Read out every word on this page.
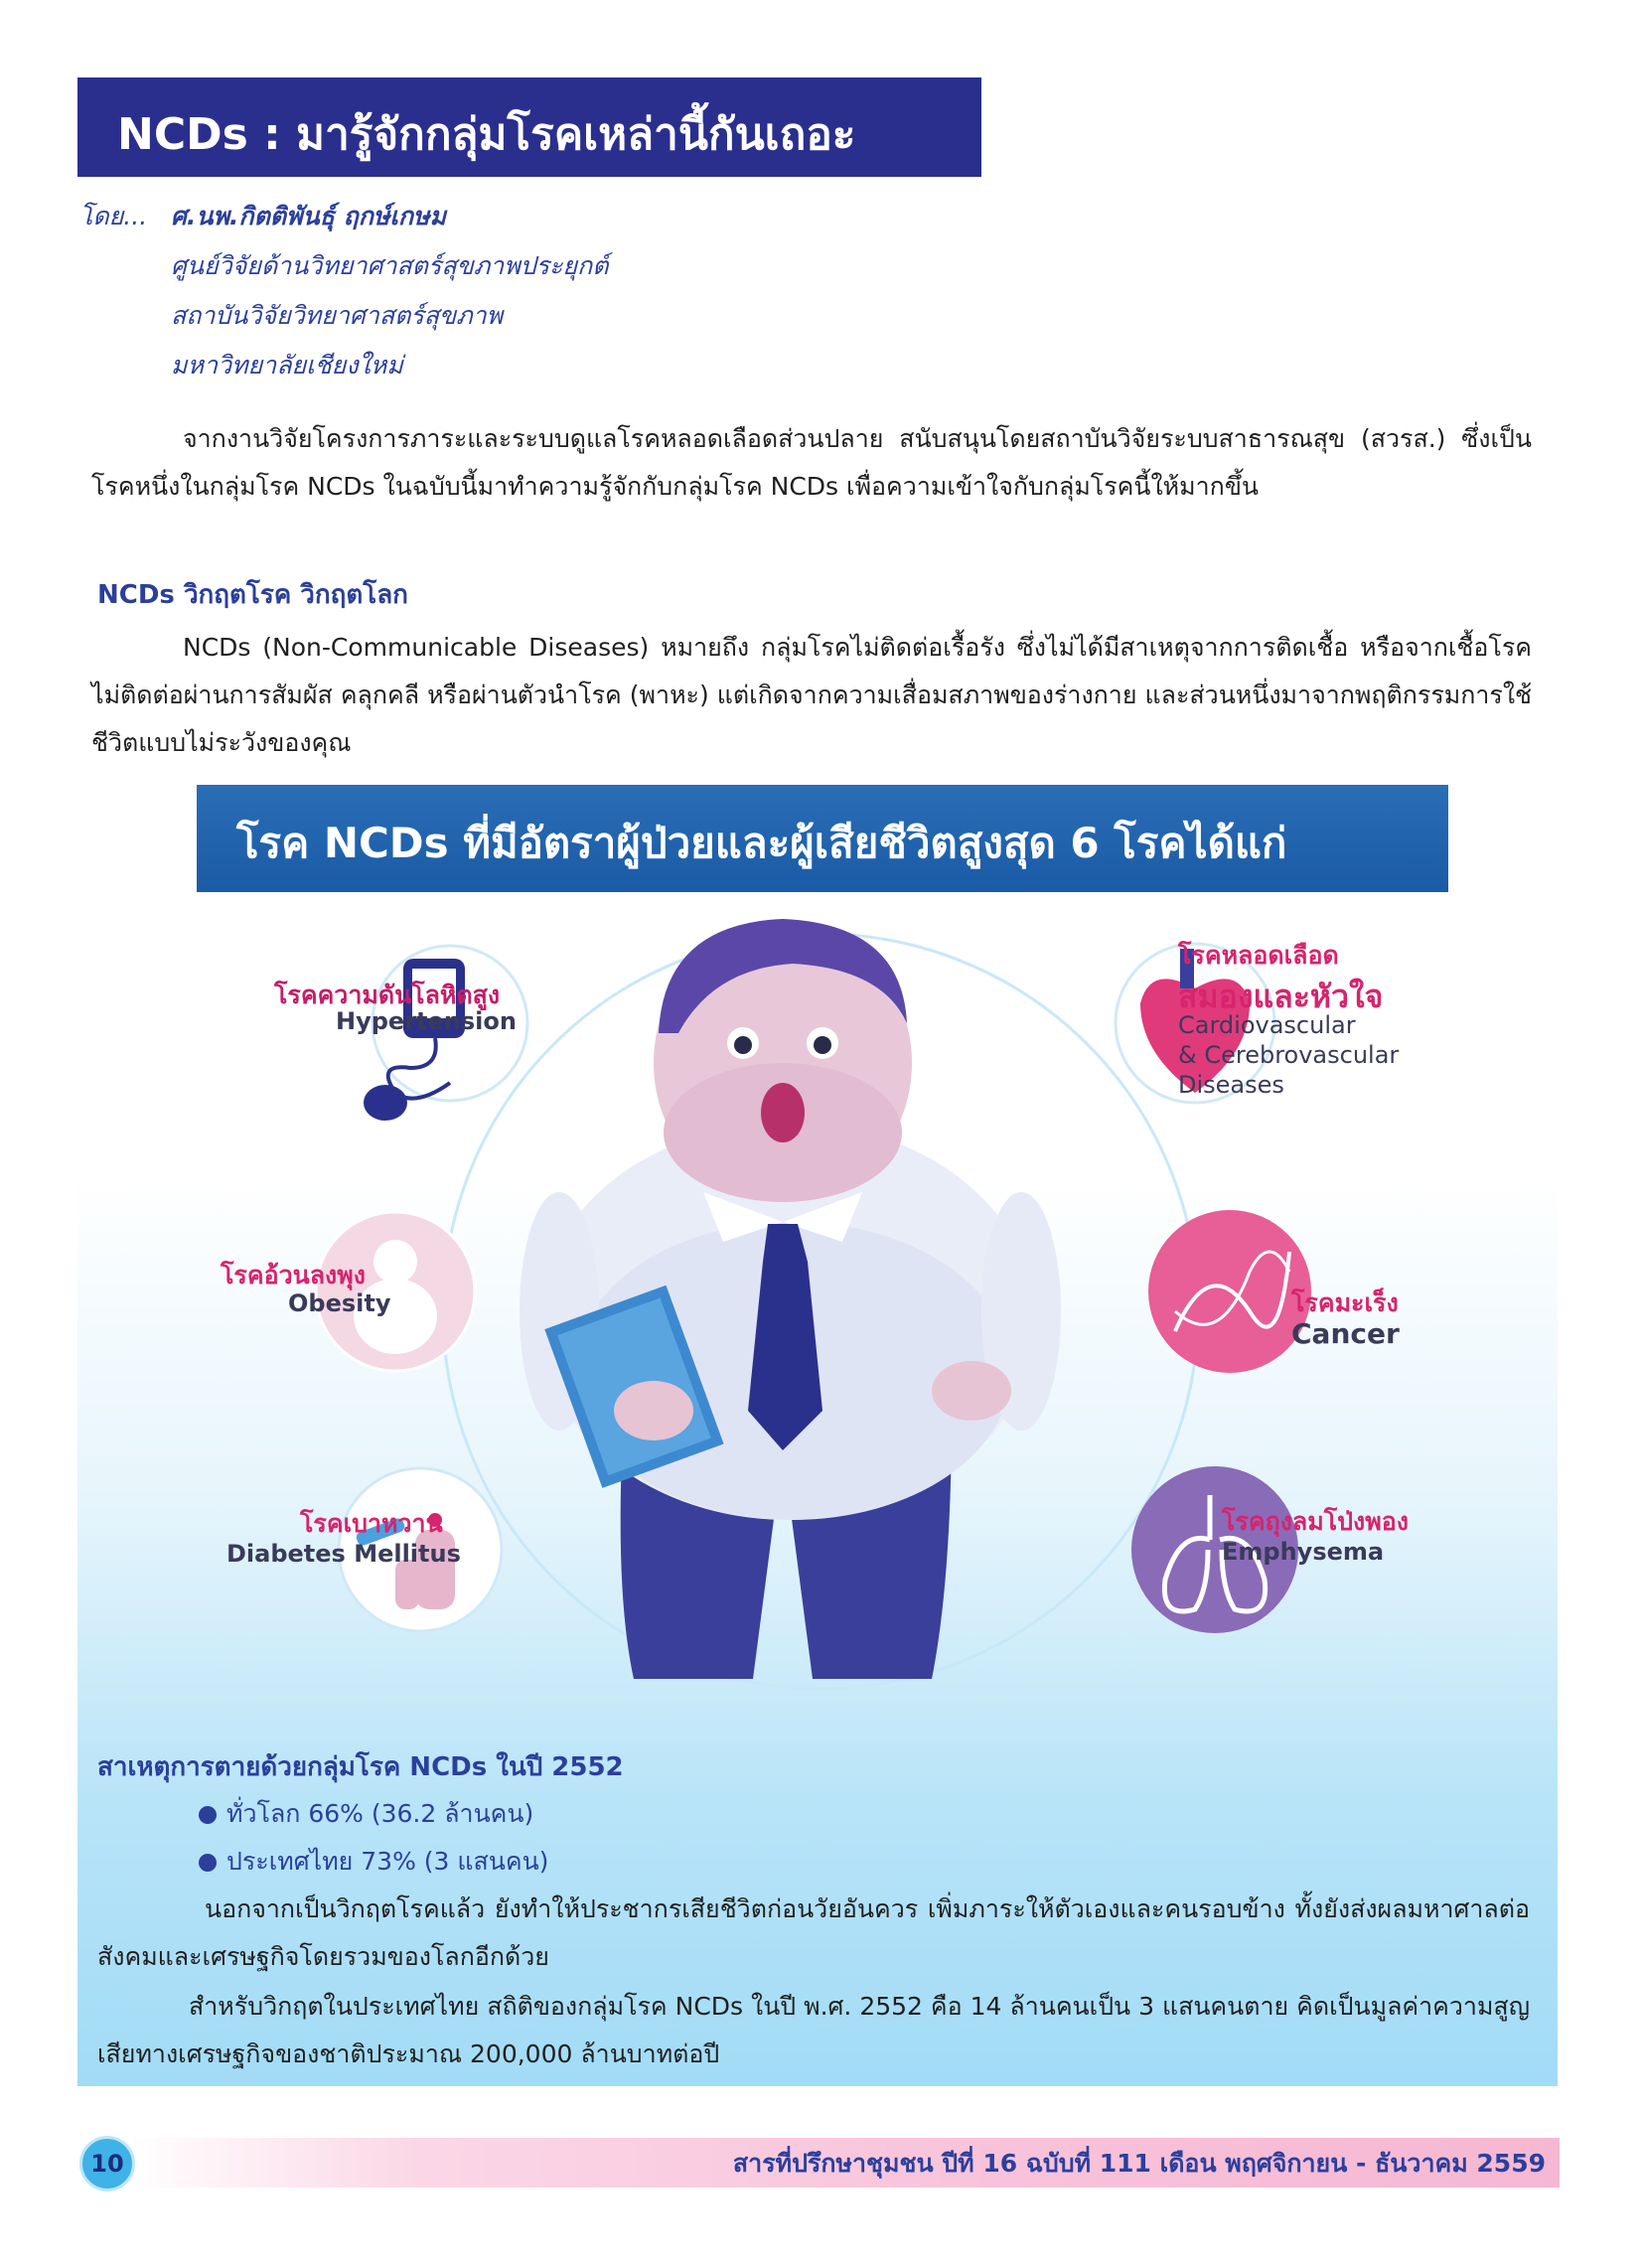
NCDs : มารู้จักกลุ่มโรคเหล่านี้กันเถอะ
โดย... ศ.นพ.กิตติพันธุ์ ฤกษ์เกษม
ศูนย์วิจัยด้านวิทยาศาสตร์สุขภาพประยุกต์
สถาบันวิจัยวิทยาศาสตร์สุขภาพ
มหาวิทยาลัยเชียงใหม่
จากงานวิจัยโครงการภาระและระบบดูแลโรคหลอดเลือดส่วนปลาย สนับสนุนโดยสถาบันวิจัยระบบสาธารณสุข (สวรส.) ซึ่งเป็นโรคหนึ่งในกลุ่มโรค NCDs ในฉบับนี้มาทำความรู้จักกับกลุ่มโรค NCDs เพื่อความเข้าใจกับกลุ่มโรคนี้ให้มากขึ้น
NCDs วิกฤตโรค วิกฤตโลก
NCDs (Non-Communicable Diseases) หมายถึง กลุ่มโรคไม่ติดต่อเรื้อรัง ซึ่งไม่ได้มีสาเหตุจากการติดเชื้อ หรือจากเชื้อโรค ไม่ติดต่อผ่านการสัมผัส คลุกคลี หรือผ่านตัวนำโรค (พาหะ) แต่เกิดจากความเสื่อมสภาพของร่างกาย และส่วนหนึ่งมาจากพฤติกรรมการใช้ชีวิตแบบไม่ระวังของคุณ
โรค NCDs ที่มีอัตราผู้ป่วยและผู้เสียชีวิตสูงสุด 6 โรคได้แก่
โรคความดันโลหิตสูง
Hypertension
โรคหลอดเลือด
สมองและหัวใจ
Cardiovascular
& Cerebrovascular
Diseases
โรคอ้วนลงพุง
Obesity	โรคมะเร็ง
Cancer
โรคเบาหวาน
Diabetes Mellitus
โรคถุงลมโป่งพอง
Emphysema
สาเหตุการตายด้วยกลุ่มโรค NCDs ในปี 2552
ทั่วโลก 66% (36.2 ล้านคน)
ประเทศไทย 73% (3 แสนคน)
นอกจากเป็นวิกฤตโรคแล้ว ยังทำให้ประชากรเสียชีวิตก่อนวัยอันควร เพิ่มภาระให้ตัวเองและคนรอบข้าง ทั้งยังส่งผลมหาศาลต่อสังคมและเศรษฐกิจโดยรวมของโลกอีกด้วย
สำหรับวิกฤตในประเทศไทย สถิติของกลุ่มโรค NCDs ในปี พ.ศ. 2552 คือ 14 ล้านคนเป็น 3 แสนคนตาย คิดเป็นมูลค่าความสูญเสียทางเศรษฐกิจของชาติประมาณ 200,000 ล้านบาทต่อปี
10	สารที่ปรึกษาชุมชน ปีที่ 16 ฉบับที่ 111 เดือน พฤศจิกายน - ธันวาคม 2559
